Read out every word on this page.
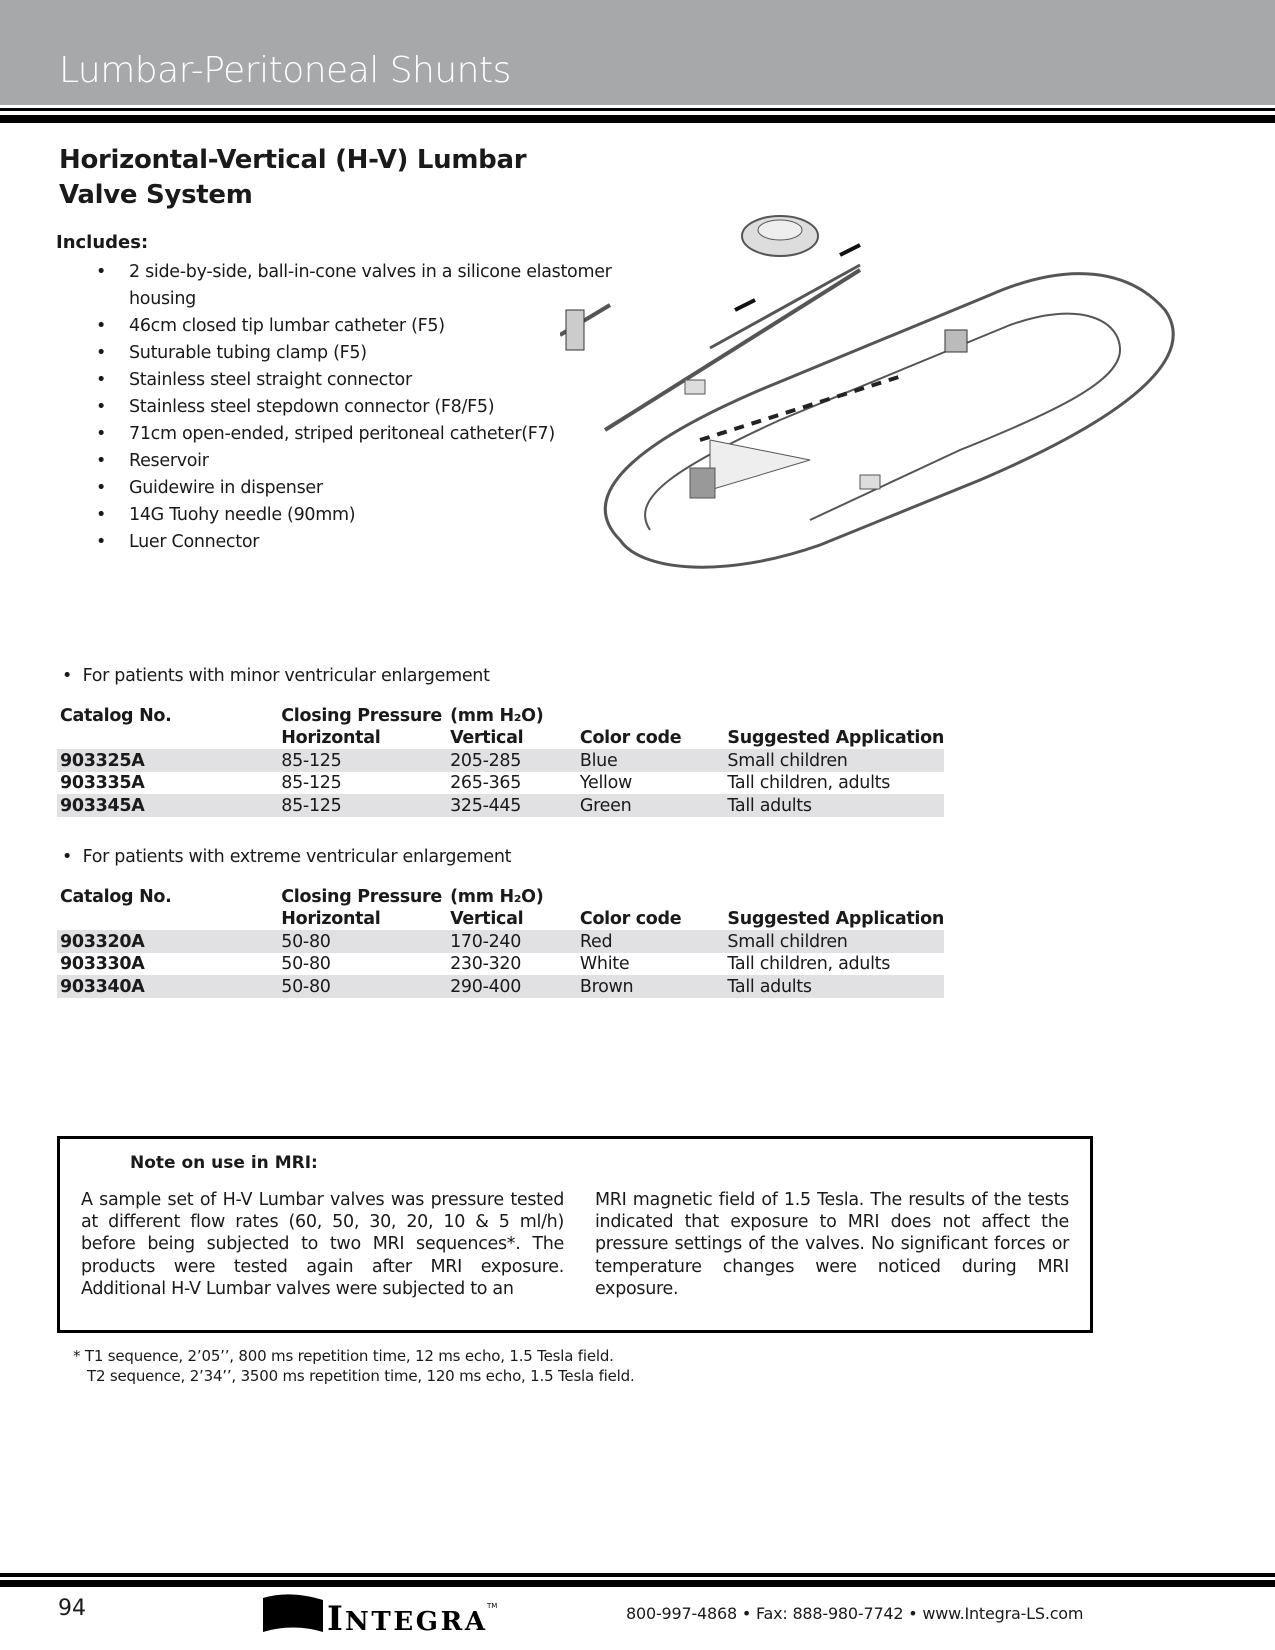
Lumbar-Peritoneal Shunts
Horizontal-Vertical (H-V) Lumbar
Valve System
Includes:
• 2 side-by-side, ball-in-cone valves in a silicone elastomer housing
• 46cm closed tip lumbar catheter (F5)
• Suturable tubing clamp (F5)
• Stainless steel straight connector
• Stainless steel stepdown connector (F8/F5)
• 71cm open-ended, striped peritoneal catheter(F7)
• Reservoir
• Guidewire in dispenser
• 14G Tuohy needle (90mm)
• Luer Connector
•  For patients with minor ventricular enlargement
Catalog No.	Closing Pressure	(mm H₂O)		
	Horizontal	Vertical	Color code	Suggested Application
903325A	85-125	205-285	Blue	Small children
903335A	85-125	265-365	Yellow	Tall children, adults
903345A	85-125	325-445	Green	Tall adults
•  For patients with extreme ventricular enlargement
Catalog No.	Closing Pressure	(mm H₂O)		
	Horizontal	Vertical	Color code	Suggested Application
903320A	50-80	170-240	Red	Small children
903330A	50-80	230-320	White	Tall children, adults
903340A	50-80	290-400	Brown	Tall adults
Note on use in MRI:
A sample set of H-V Lumbar valves was pressure tested at different flow rates (60, 50, 30, 20, 10 & 5 ml/h) before being subjected to two MRI sequences*. The products were tested again after MRI exposure. Additional H-V Lumbar valves were subjected to an
MRI magnetic field of 1.5 Tesla. The results of the tests indicated that exposure to MRI does not affect the pressure settings of the valves. No significant forces or temperature changes were noticed during MRI exposure.
* T1 sequence, 2’05’’, 800 ms repetition time, 12 ms echo, 1.5 Tesla field.
T2 sequence, 2’34’’, 3500 ms repetition time, 120 ms echo, 1.5 Tesla field.
94	I NTEGRA
TM	800-997-4868 • Fax: 888-980-7742 • www.Integra-LS.com
